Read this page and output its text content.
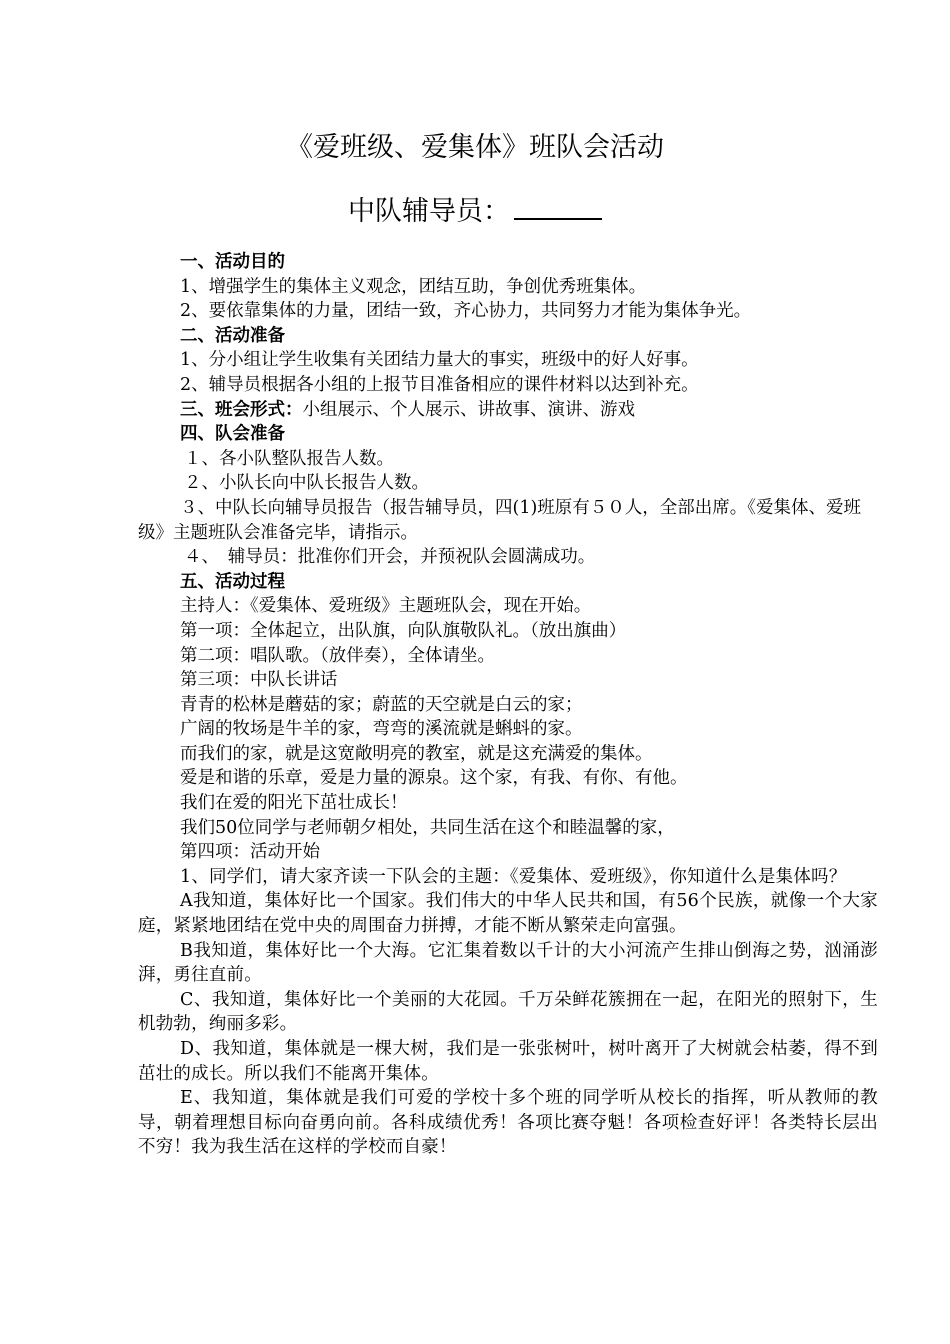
《爱班级、爱集体》班队会活动
中队辅导员：

一、活动目的

1、增强学生的集体主义观念，团结互助，争创优秀班集体。

2、要依靠集体的力量，团结一致，齐心协力，共同努力才能为集体争光。

二、活动准备

1、分小组让学生收集有关团结力量大的事实，班级中的好人好事。

2、辅导员根据各小组的上报节目准备相应的课件材料以达到补充。

三、班会形式：小组展示、个人展示、讲故事、演讲、游戏

四、队会准备

１、各小队整队报告人数。

２、小队长向中队长报告人数。

３、中队长向辅导员报告（报告辅导员，四(1)班原有５０人，全部出席。《爱集体、爱班级》主题班队会准备完毕，请指示。

４、　辅导员：批准你们开会，并预祝队会圆满成功。

五、活动过程

主持人：《爱集体、爱班级》主题班队会，现在开始。

第一项：全体起立，出队旗，向队旗敬队礼。（放出旗曲）

第二项：唱队歌。（放伴奏），全体请坐。

第三项：中队长讲话

青青的松林是蘑菇的家；蔚蓝的天空就是白云的家；

广阔的牧场是牛羊的家，弯弯的溪流就是蝌蚪的家。

而我们的家，就是这宽敞明亮的教室，就是这充满爱的集体。

爱是和谐的乐章，爱是力量的源泉。这个家，有我、有你、有他。

我们在爱的阳光下茁壮成长！

我们50位同学与老师朝夕相处，共同生活在这个和睦温馨的家，

第四项：活动开始

1、同学们，请大家齐读一下队会的主题：《爱集体、爱班级》，你知道什么是集体吗？

A我知道，集体好比一个国家。我们伟大的中华人民共和国，有56个民族，就像一个大家庭，紧紧地团结在党中央的周围奋力拼搏，才能不断从繁荣走向富强。

B我知道，集体好比一个大海。它汇集着数以千计的大小河流产生排山倒海之势，汹涌澎湃，勇往直前。

C、我知道，集体好比一个美丽的大花园。千万朵鲜花簇拥在一起，在阳光的照射下，生机勃勃，绚丽多彩。

D、我知道，集体就是一棵大树，我们是一张张树叶，树叶离开了大树就会枯萎，得不到茁壮的成长。所以我们不能离开集体。

E、我知道，集体就是我们可爱的学校十多个班的同学听从校长的指挥，听从教师的教导，朝着理想目标向奋勇向前。各科成绩优秀！各项比赛夺魁！各项检查好评！各类特长层出不穷！我为我生活在这样的学校而自豪！
